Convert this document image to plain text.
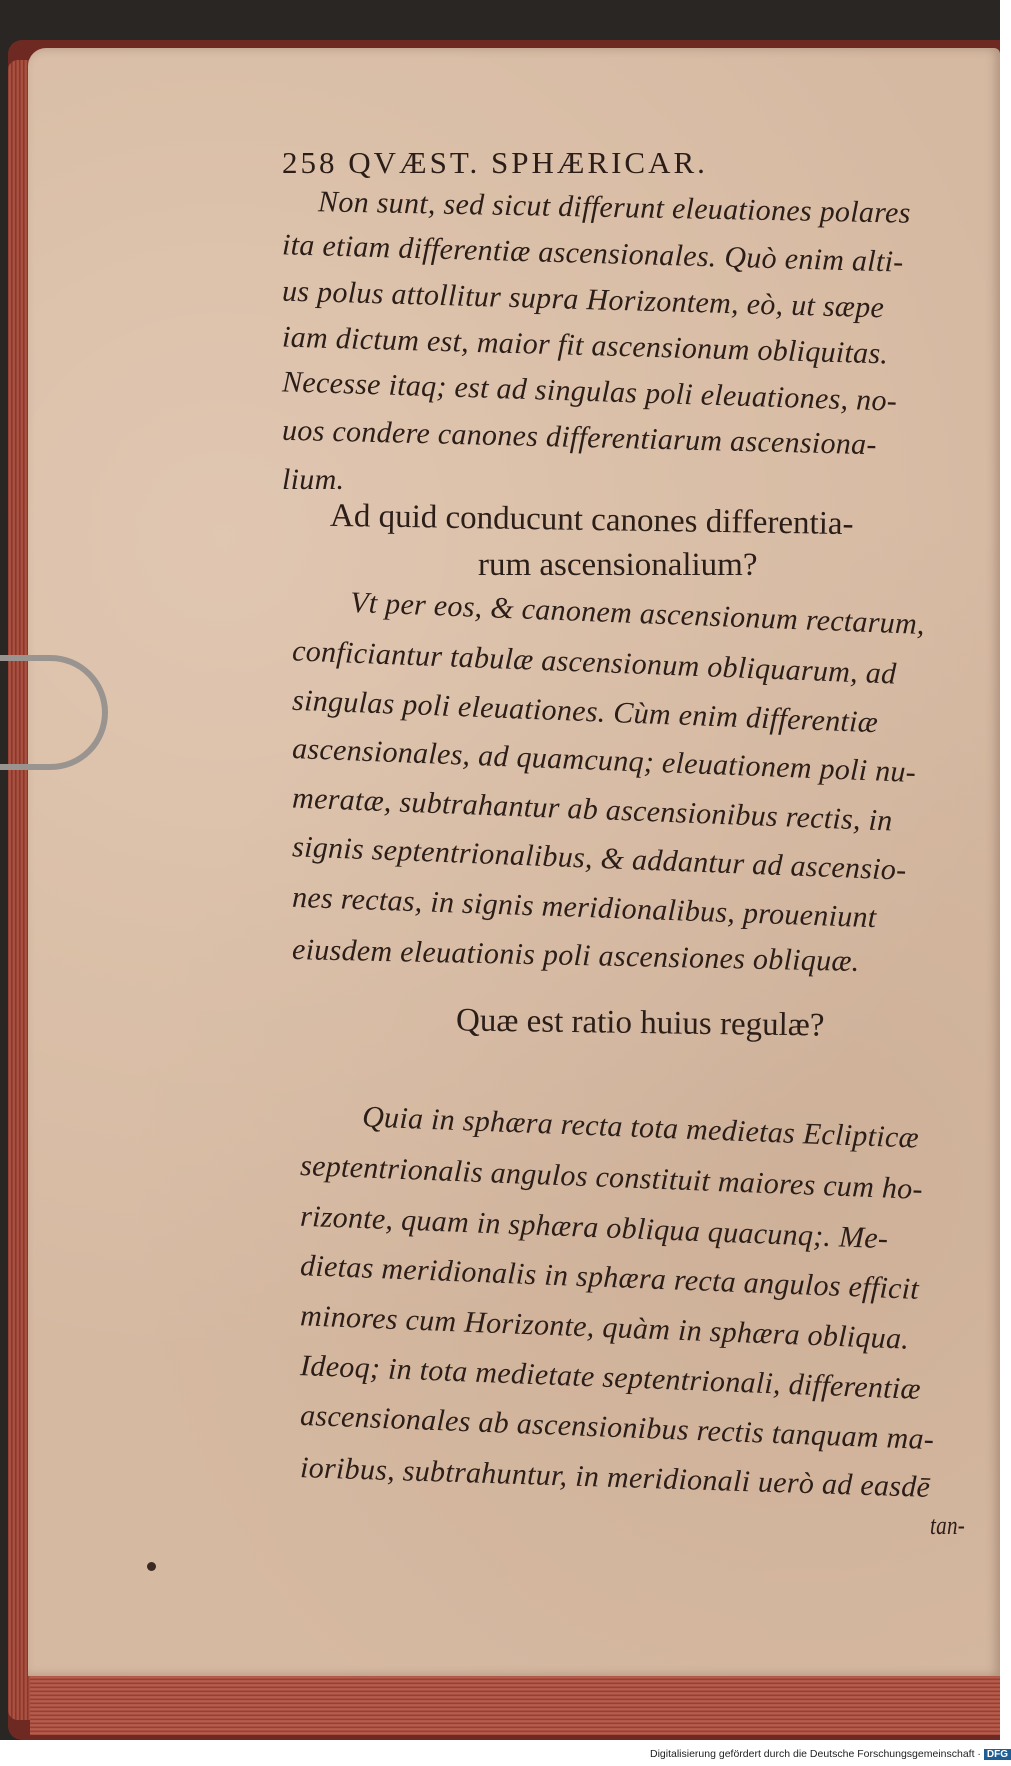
258 QVÆST. SPHÆRICAR.
Non sunt, sed sicut differunt eleuationes polares
ita etiam differentiæ ascensionales. Quò enim alti-
us polus attollitur supra Horizontem, eò, ut sæpe
iam dictum est, maior fit ascensionum obliquitas.
Necesse itaq; est ad singulas poli eleuationes, no-
uos condere canones differentiarum ascensiona-
lium.
Ad quid conducunt canones differentia-
rum ascensionalium?
Vt per eos, & canonem ascensionum rectarum,
conficiantur tabulæ ascensionum obliquarum, ad
singulas poli eleuationes. Cùm enim differentiæ
ascensionales, ad quamcunq; eleuationem poli nu-
meratæ, subtrahantur ab ascensionibus rectis, in
signis septentrionalibus, & addantur ad ascensio-
nes rectas, in signis meridionalibus, proueniunt
eiusdem eleuationis poli ascensiones obliquæ.
Quæ est ratio huius regulæ?
Quia in sphæra recta tota medietas Eclipticæ
septentrionalis angulos constituit maiores cum ho-
rizonte, quam in sphæra obliqua quacunq;. Me-
dietas meridionalis in sphæra recta angulos efficit
minores cum Horizonte, quàm in sphæra obliqua.
Ideoq; in tota medietate septentrionali, differentiæ
ascensionales ab ascensionibus rectis tanquam ma-
ioribus, subtrahuntur, in meridionali uerò ad easdē
tan-
Digitalisierung gefördert durch die Deutsche Forschungsgemeinschaft · DFG
